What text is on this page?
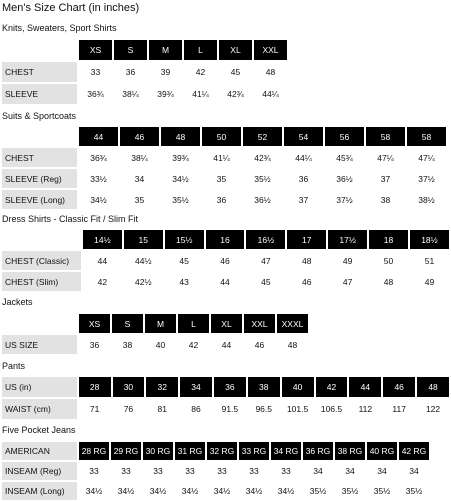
Men's Size Chart (in inches)
Knits, Sweaters, Sport Shirts
	XS	S	M	L	XL	XXL
CHEST	33	36	39	42	45	48
SLEEVE	36¾	38¼	39¾	41¼	42¾	44¼
Suits & Sportcoats
	44	46	48	50	52	54	56	58	58
CHEST	36¾	38¼	39¾	41¼	42¾	44¼	45¾	47¼	47¼
SLEEVE (Reg)	33½	34	34½	35	35½	36	36½	37	37½
SLEEVE (Long)	34½	35	35½	36	36½	37	37½	38	38½
Dress Shirts - Classic Fit / Slim Fit
	14½	15	15½	16	16½	17	17½	18	18½
CHEST (Classic)	44	44½	45	46	47	48	49	50	51
CHEST (Slim)	42	42½	43	44	45	46	47	48	49
Jackets
	XS	S	M	L	XL	XXL	XXXL
US SIZE	36	38	40	42	44	46	48
Pants
US (in)	28	30	32	34	36	38	40	42	44	46	48
WAIST (cm)	71	76	81	86	91.5	96.5	101.5	106.5	112	117	122
Five Pocket Jeans
AMERICAN	28 RG	29 RG	30 RG	31 RG	32 RG	33 RG	34 RG	36 RG	38 RG	40 RG	42 RG
INSEAM (Reg)	33	33	33	33	33	33	33	34	34	34	34
INSEAM (Long)	34½	34½	34½	34½	34½	34½	34½	35½	35½	35½	35½
